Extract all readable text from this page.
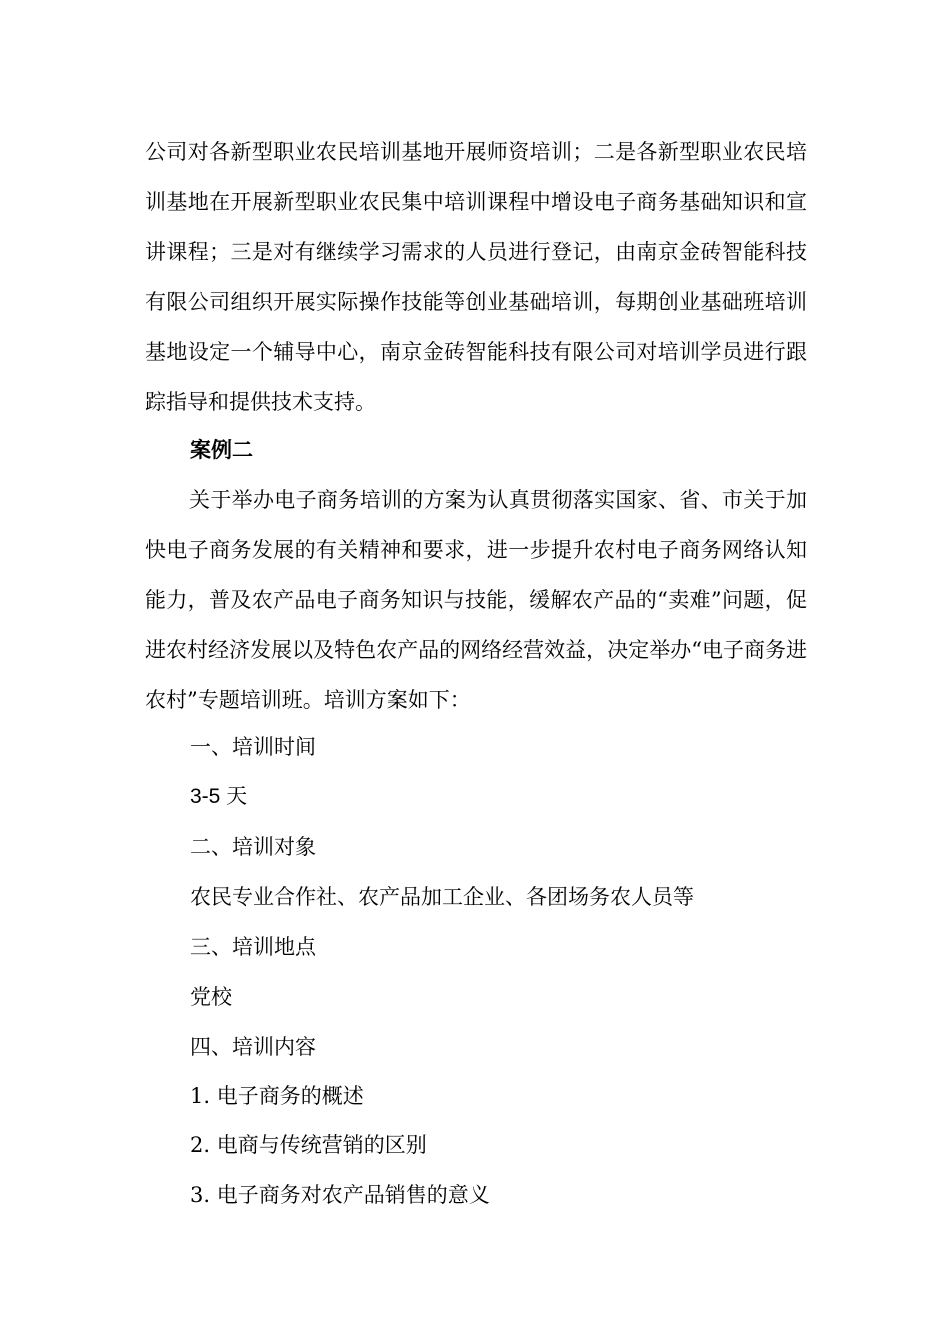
公司对各新型职业农民培训基地开展师资培训；二是各新型职业农民培训基地在开展新型职业农民集中培训课程中增设电子商务基础知识和宣讲课程；三是对有继续学习需求的人员进行登记，由南京金砖智能科技有限公司组织开展实际操作技能等创业基础培训，每期创业基础班培训基地设定一个辅导中心，南京金砖智能科技有限公司对培训学员进行跟踪指导和提供技术支持。

案例二

关于举办电子商务培训的方案为认真贯彻落实国家、省、市关于加快电子商务发展的有关精神和要求，进一步提升农村电子商务网络认知能力，普及农产品电子商务知识与技能，缓解农产品的“卖难”问题，促进农村经济发展以及特色农产品的网络经营效益，决定举办“电子商务进农村”专题培训班。培训方案如下：

一、培训时间

3-5 天

二、培训对象

农民专业合作社、农产品加工企业、各团场务农人员等

三、培训地点

党校

四、培训内容

1. 电子商务的概述

2. 电商与传统营销的区别

3. 电子商务对农产品销售的意义
